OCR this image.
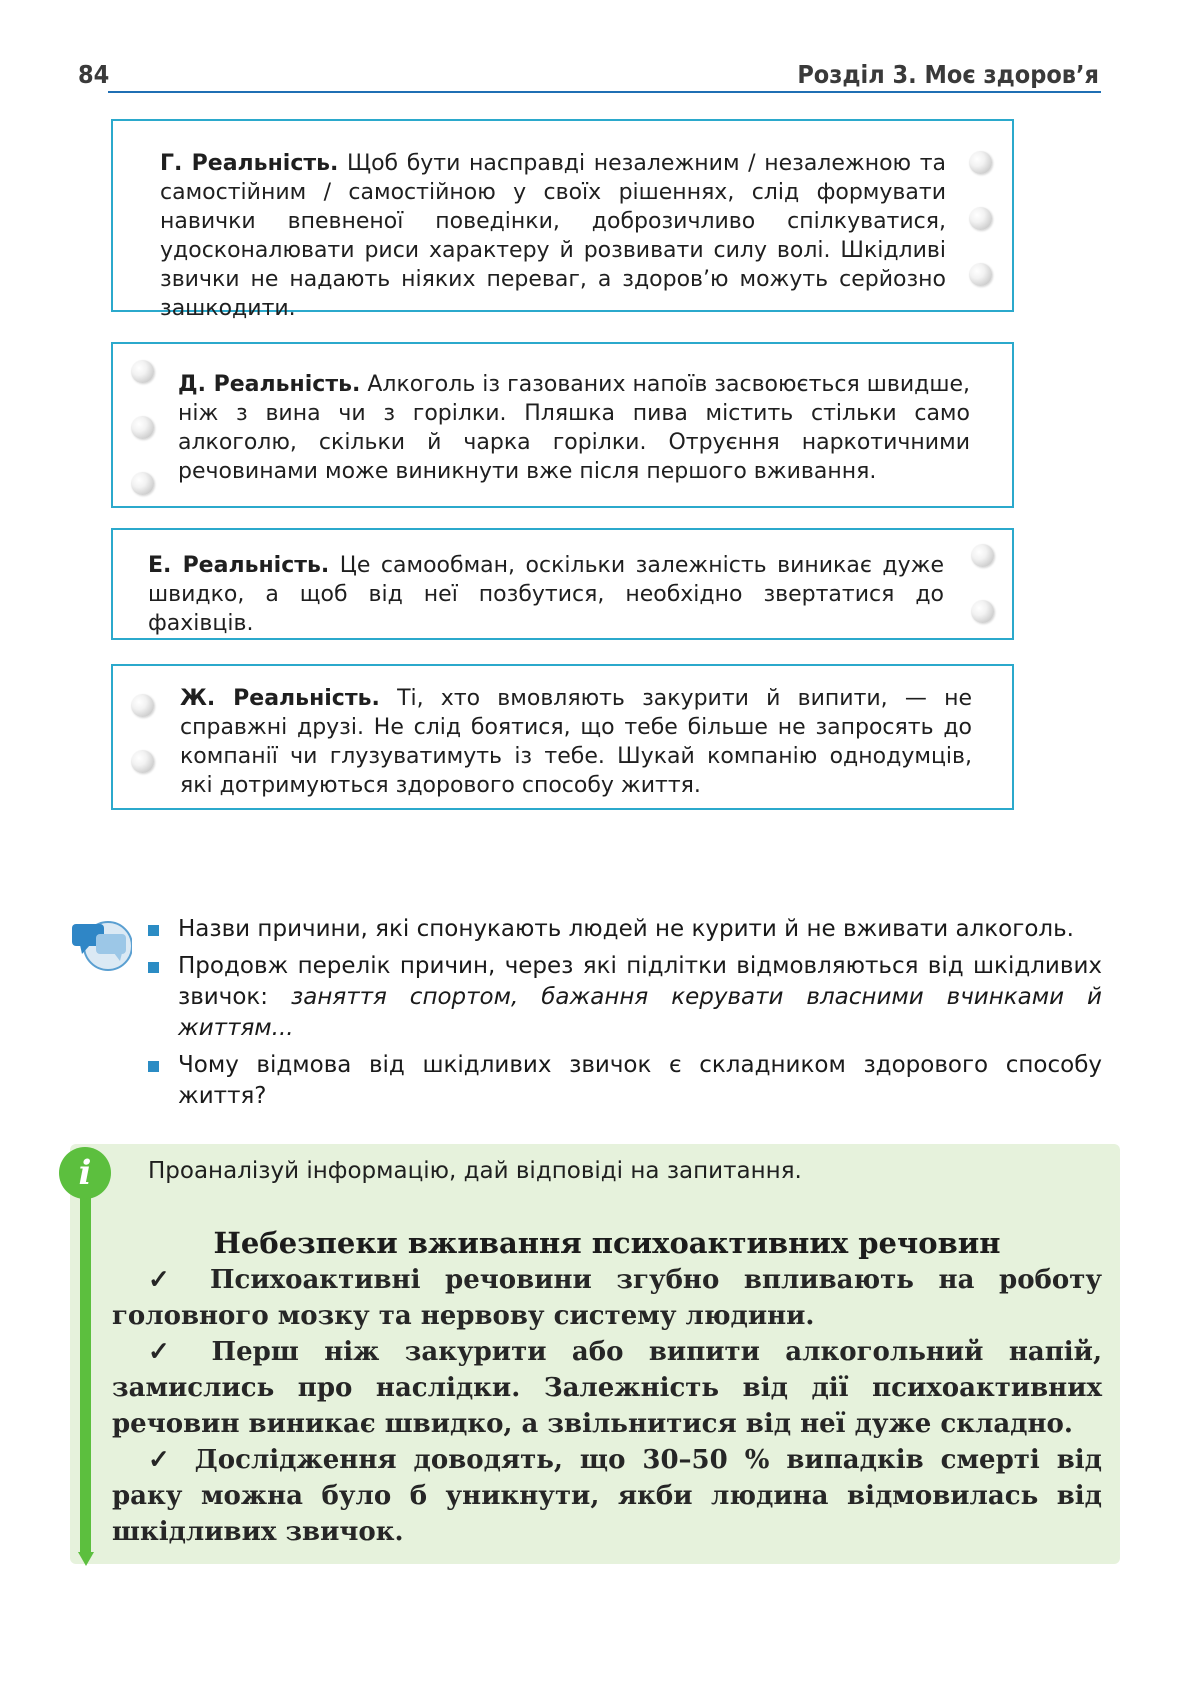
84	Розділ 3. Моє здоров’я

Г. Реальність. Щоб бути насправді незалежним / незалежною та самостійним / самостійною у своїх рішеннях, слід формувати навички впевненої поведінки, доброзичливо спілкуватися, удосконалювати риси характеру й розвивати силу волі. Шкідливі звички не надають ніяких переваг, а здоров’ю можуть серйозно зашкодити.

Д. Реальність. Алкоголь із газованих напоїв засвоюється швидше, ніж з вина чи з горілки. Пляшка пива містить стільки само алкоголю, скільки й чарка горілки. Отруєння наркотичними речовинами може виникнути вже після першого вживання.

Е. Реальність. Це самообман, оскільки залежність виникає дуже швидко, а щоб від неї позбутися, необхідно звертатися до фахівців.

Ж. Реальність. Ті, хто вмовляють закурити й випити, — не справжні друзі. Не слід боятися, що тебе більше не запросять до компанії чи глузуватимуть із тебе. Шукай компанію однодумців, які дотримуються здорового способу життя.

Назви причини, які спонукають людей не курити й не вживати алкоголь.
Продовж перелік причин, через які підлітки відмовляються від шкідливих звичок: заняття спортом, бажання керувати власними вчинками й життям...
Чому відмова від шкідливих звичок є складником здорового способу життя?
i	Проаналізуй інформацію, дай відповіді на запитання.
Небезпеки вживання психоактивних речовин

✓ Психоактивні речовини згубно впливають на роботу головного мозку та нервову систему людини.

✓ Перш ніж закурити або випити алкогольний напій, замислись про наслідки. Залежність від дії психоактивних речовин виникає швидко, а звільнитися від неї дуже складно.

✓ Дослідження доводять, що 30–50 % випадків смерті від раку можна було б уникнути, якби людина відмовилась від шкідливих звичок.
